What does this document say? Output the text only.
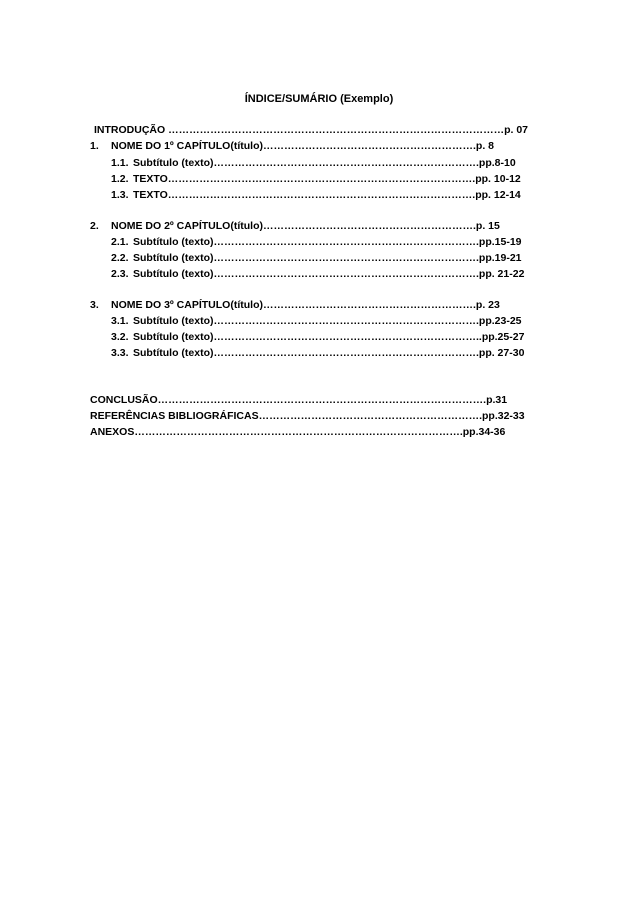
ÍNDICE/SUMÁRIO (Exemplo)
INTRODUÇÃO ……………………………………………………………………………………p. 07
1. NOME DO 1º CAPÍTULO(título)…………………………………………………….p. 8
1.1. Subtítulo (texto)………………………………………………………………….pp.8-10
1.2. TEXTO…………………………………………………………………………….pp. 10-12
1.3. TEXTO…………………………………………………………………………….pp. 12-14
2. NOME DO 2º CAPÍTULO(título)…………………………………………………….p. 15
2.1. Subtítulo (texto)………………………………………………………………….pp.15-19
2.2. Subtítulo (texto)………………………………………………………………….pp.19-21
2.3. Subtítulo (texto)………………………………………………………………….pp. 21-22
3. NOME DO 3º CAPÍTULO(título)…………………………………………………….p. 23
3.1. Subtítulo (texto)………………………………………………………………….pp.23-25
3.2. Subtítulo (texto)…………………………………………………………………..pp.25-27
3.3. Subtítulo (texto)………………………………………………………………….pp. 27-30
CONCLUSÃO………………………………………………………………………………….p.31
REFERÊNCIAS BIBLIOGRÁFICAS……………………………………………………….pp.32-33
ANEXOS………………………………………………………………………………….pp.34-36
